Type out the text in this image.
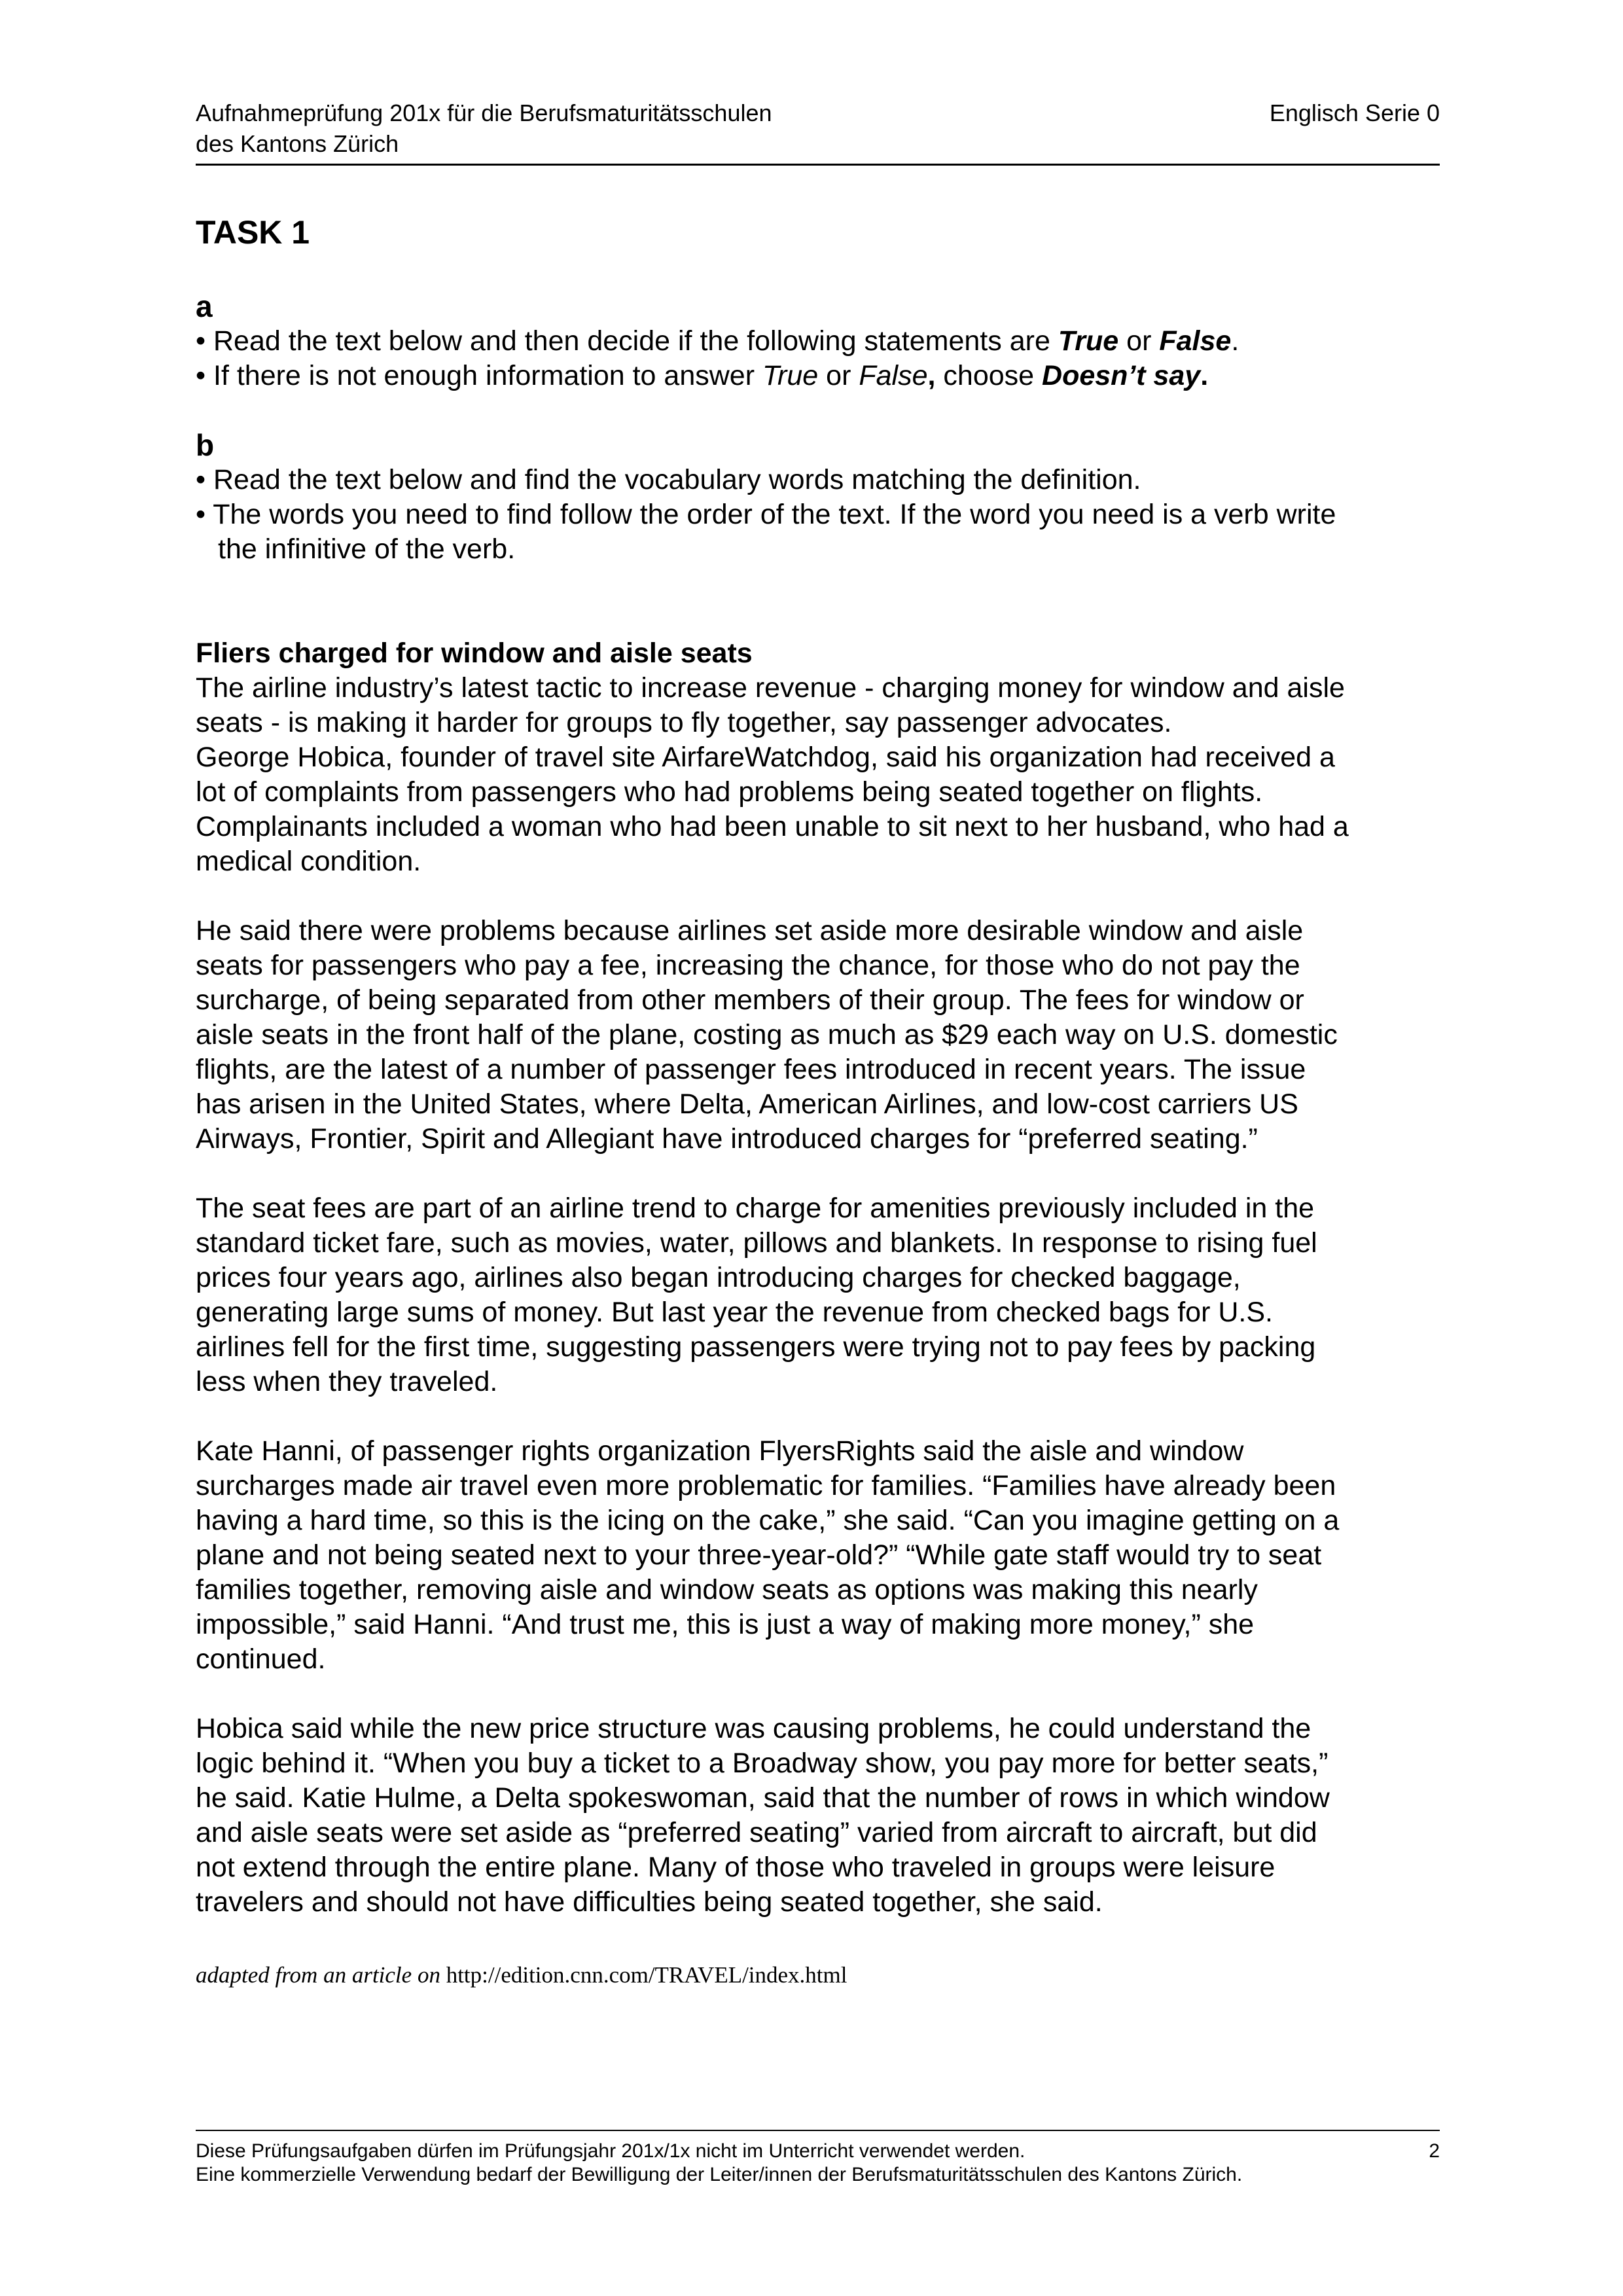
Aufnahmeprüfung 201x für die Berufsmaturitätsschulen
des Kantons Zürich
Englisch Serie 0
TASK 1
a
• Read the text below and then decide if the following statements are True or False.
• If there is not enough information to answer True or False, choose Doesn’t say.
b
• Read the text below and find the vocabulary words matching the definition.
• The words you need to find follow the order of the text. If the word you need is a verb write
the infinitive of the verb.
Fliers charged for window and aisle seats
The airline industry’s latest tactic to increase revenue - charging money for window and aisle
seats - is making it harder for groups to fly together, say passenger advocates.
George Hobica, founder of travel site AirfareWatchdog, said his organization had received a
lot of complaints from passengers who had problems being seated together on flights.
Complainants included a woman who had been unable to sit next to her husband, who had a
medical condition.
He said there were problems because airlines set aside more desirable window and aisle
seats for passengers who pay a fee, increasing the chance, for those who do not pay the
surcharge, of being separated from other members of their group. The fees for window or
aisle seats in the front half of the plane, costing as much as $29 each way on U.S. domestic
flights, are the latest of a number of passenger fees introduced in recent years. The issue
has arisen in the United States, where Delta, American Airlines, and low-cost carriers US
Airways, Frontier, Spirit and Allegiant have introduced charges for “preferred seating.”
The seat fees are part of an airline trend to charge for amenities previously included in the
standard ticket fare, such as movies, water, pillows and blankets. In response to rising fuel
prices four years ago, airlines also began introducing charges for checked baggage,
generating large sums of money. But last year the revenue from checked bags for U.S.
airlines fell for the first time, suggesting passengers were trying not to pay fees by packing
less when they traveled.
Kate Hanni, of passenger rights organization FlyersRights said the aisle and window
surcharges made air travel even more problematic for families. “Families have already been
having a hard time, so this is the icing on the cake,” she said. “Can you imagine getting on a
plane and not being seated next to your three-year-old?” “While gate staff would try to seat
families together, removing aisle and window seats as options was making this nearly
impossible,” said Hanni. “And trust me, this is just a way of making more money,” she
continued.
Hobica said while the new price structure was causing problems, he could understand the
logic behind it. “When you buy a ticket to a Broadway show, you pay more for better seats,”
he said. Katie Hulme, a Delta spokeswoman, said that the number of rows in which window
and aisle seats were set aside as “preferred seating” varied from aircraft to aircraft, but did
not extend through the entire plane. Many of those who traveled in groups were leisure
travelers and should not have difficulties being seated together, she said.
adapted from an article on http://edition.cnn.com/TRAVEL/index.html
Diese Prüfungsaufgaben dürfen im Prüfungsjahr 201x/1x nicht im Unterricht verwendet werden.
Eine kommerzielle Verwendung bedarf der Bewilligung der Leiter/innen der Berufsmaturitätsschulen des Kantons Zürich.
2
